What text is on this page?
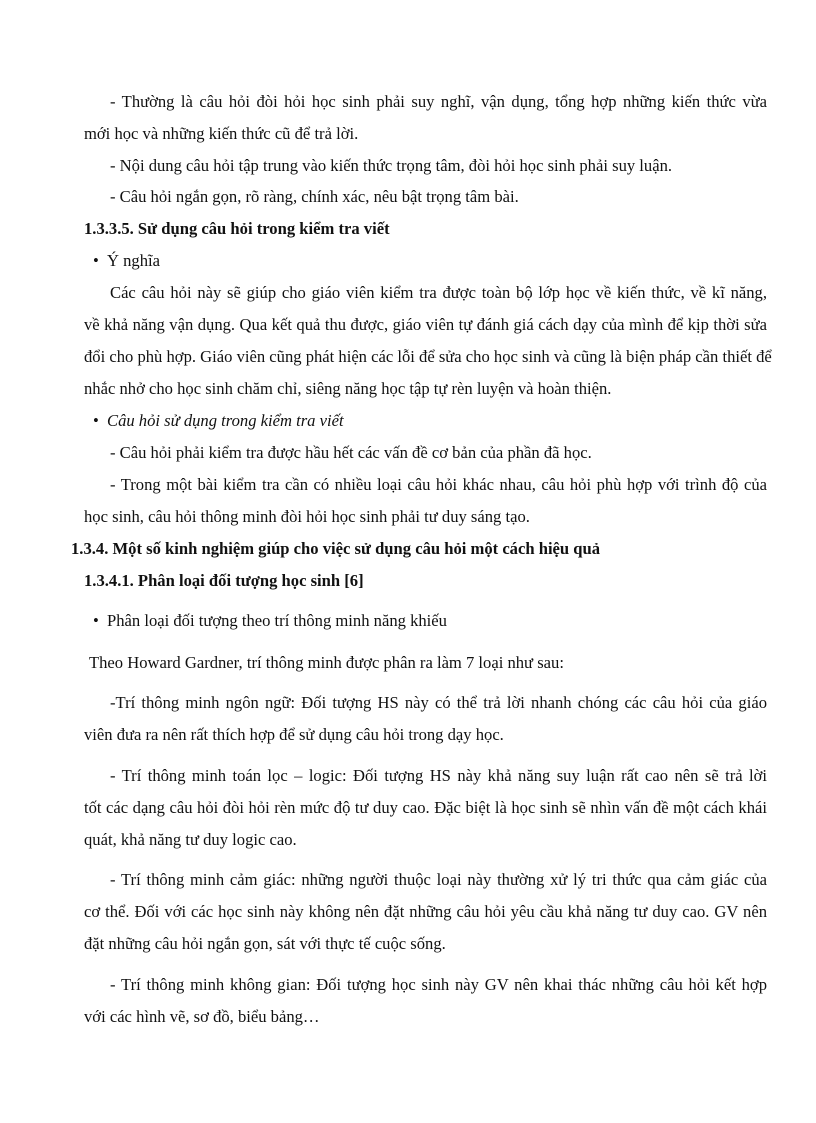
- Thường là câu hỏi đòi hỏi học sinh phải suy nghĩ, vận dụng, tổng hợp những kiến thức vừa
mới học và những kiến thức cũ để trả lời.
- Nội dung câu hỏi tập trung vào kiến thức trọng tâm, đòi hỏi học sinh phải suy luận.
- Câu hỏi ngắn gọn, rõ ràng, chính xác, nêu bật trọng tâm bài.
1.3.3.5. Sử dụng câu hỏi trong kiểm tra viết
• Ý nghĩa
Các câu hỏi này sẽ giúp cho giáo viên kiểm tra được toàn bộ lớp học về kiến thức, về kĩ năng,
về khả năng vận dụng. Qua kết quả thu được, giáo viên tự đánh giá cách dạy của mình để kịp thời sửa
đổi cho phù hợp. Giáo viên cũng phát hiện các lỗi để sửa cho học sinh và cũng là biện pháp cần thiết để
nhắc nhở cho học sinh chăm chỉ, siêng năng học tập tự rèn luyện và hoàn thiện.
• Câu hỏi sử dụng trong kiểm tra viết
- Câu hỏi phải kiểm tra được hầu hết các vấn đề cơ bản của phần đã học.
- Trong một bài kiểm tra cần có nhiều loại câu hỏi khác nhau, câu hỏi phù hợp với trình độ của
học sinh, câu hỏi thông minh đòi hỏi học sinh phải tư duy sáng tạo.
1.3.4. Một số kinh nghiệm giúp cho việc sử dụng câu hỏi một cách hiệu quả
1.3.4.1. Phân loại đối tượng học sinh [6]
• Phân loại đối tượng theo trí thông minh năng khiếu
Theo Howard Gardner, trí thông minh được phân ra làm 7 loại như sau:
-Trí thông minh ngôn ngữ: Đối tượng HS này có thể trả lời nhanh chóng các câu hỏi của giáo
viên đưa ra nên rất thích hợp để sử dụng câu hỏi trong dạy học.
- Trí thông minh toán lọc – logic: Đối tượng HS này khả năng suy luận rất cao nên sẽ trả lời
tốt các dạng câu hỏi đòi hỏi rèn mức độ tư duy cao. Đặc biệt là học sinh sẽ nhìn vấn đề một cách khái
quát, khả năng tư duy logic cao.
- Trí thông minh cảm giác: những người thuộc loại này thường xử lý tri thức qua cảm giác của
cơ thể. Đối với các học sinh này không nên đặt những câu hỏi yêu cầu khả năng tư duy cao. GV nên
đặt những câu hỏi ngắn gọn, sát với thực tế cuộc sống.
- Trí thông minh không gian: Đối tượng học sinh này GV nên khai thác những câu hỏi kết hợp
với các hình vẽ, sơ đồ, biểu bảng…
